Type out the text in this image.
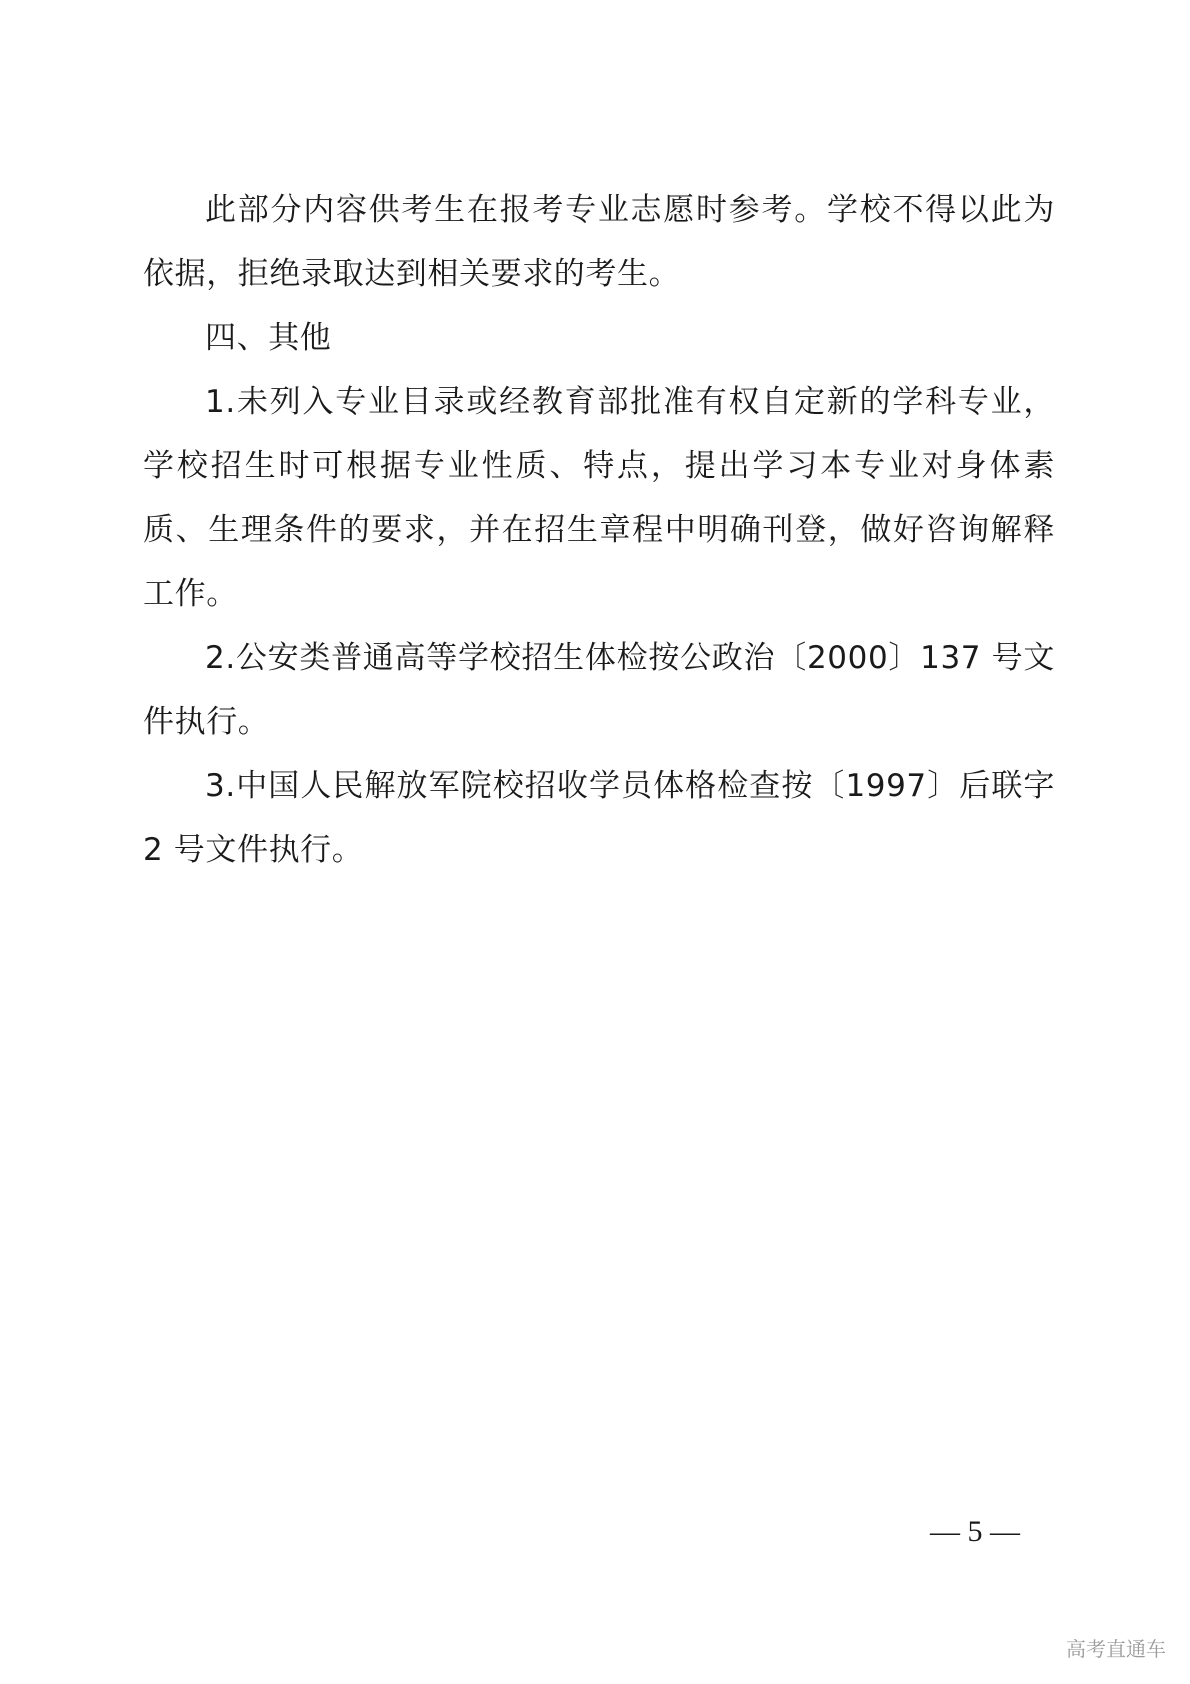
此部分内容供考生在报考专业志愿时参考。学校不得以此为依据，拒绝录取达到相关要求的考生。

四、其他

1.未列入专业目录或经教育部批准有权自定新的学科专业，学校招生时可根据专业性质、特点，提出学习本专业对身体素质、生理条件的要求，并在招生章程中明确刊登，做好咨询解释工作。

2.公安类普通高等学校招生体检按公政治〔2000〕137 号文件执行。

3.中国人民解放军院校招收学员体格检查按〔1997〕后联字 2 号文件执行。

— 5 —
高考直通车
